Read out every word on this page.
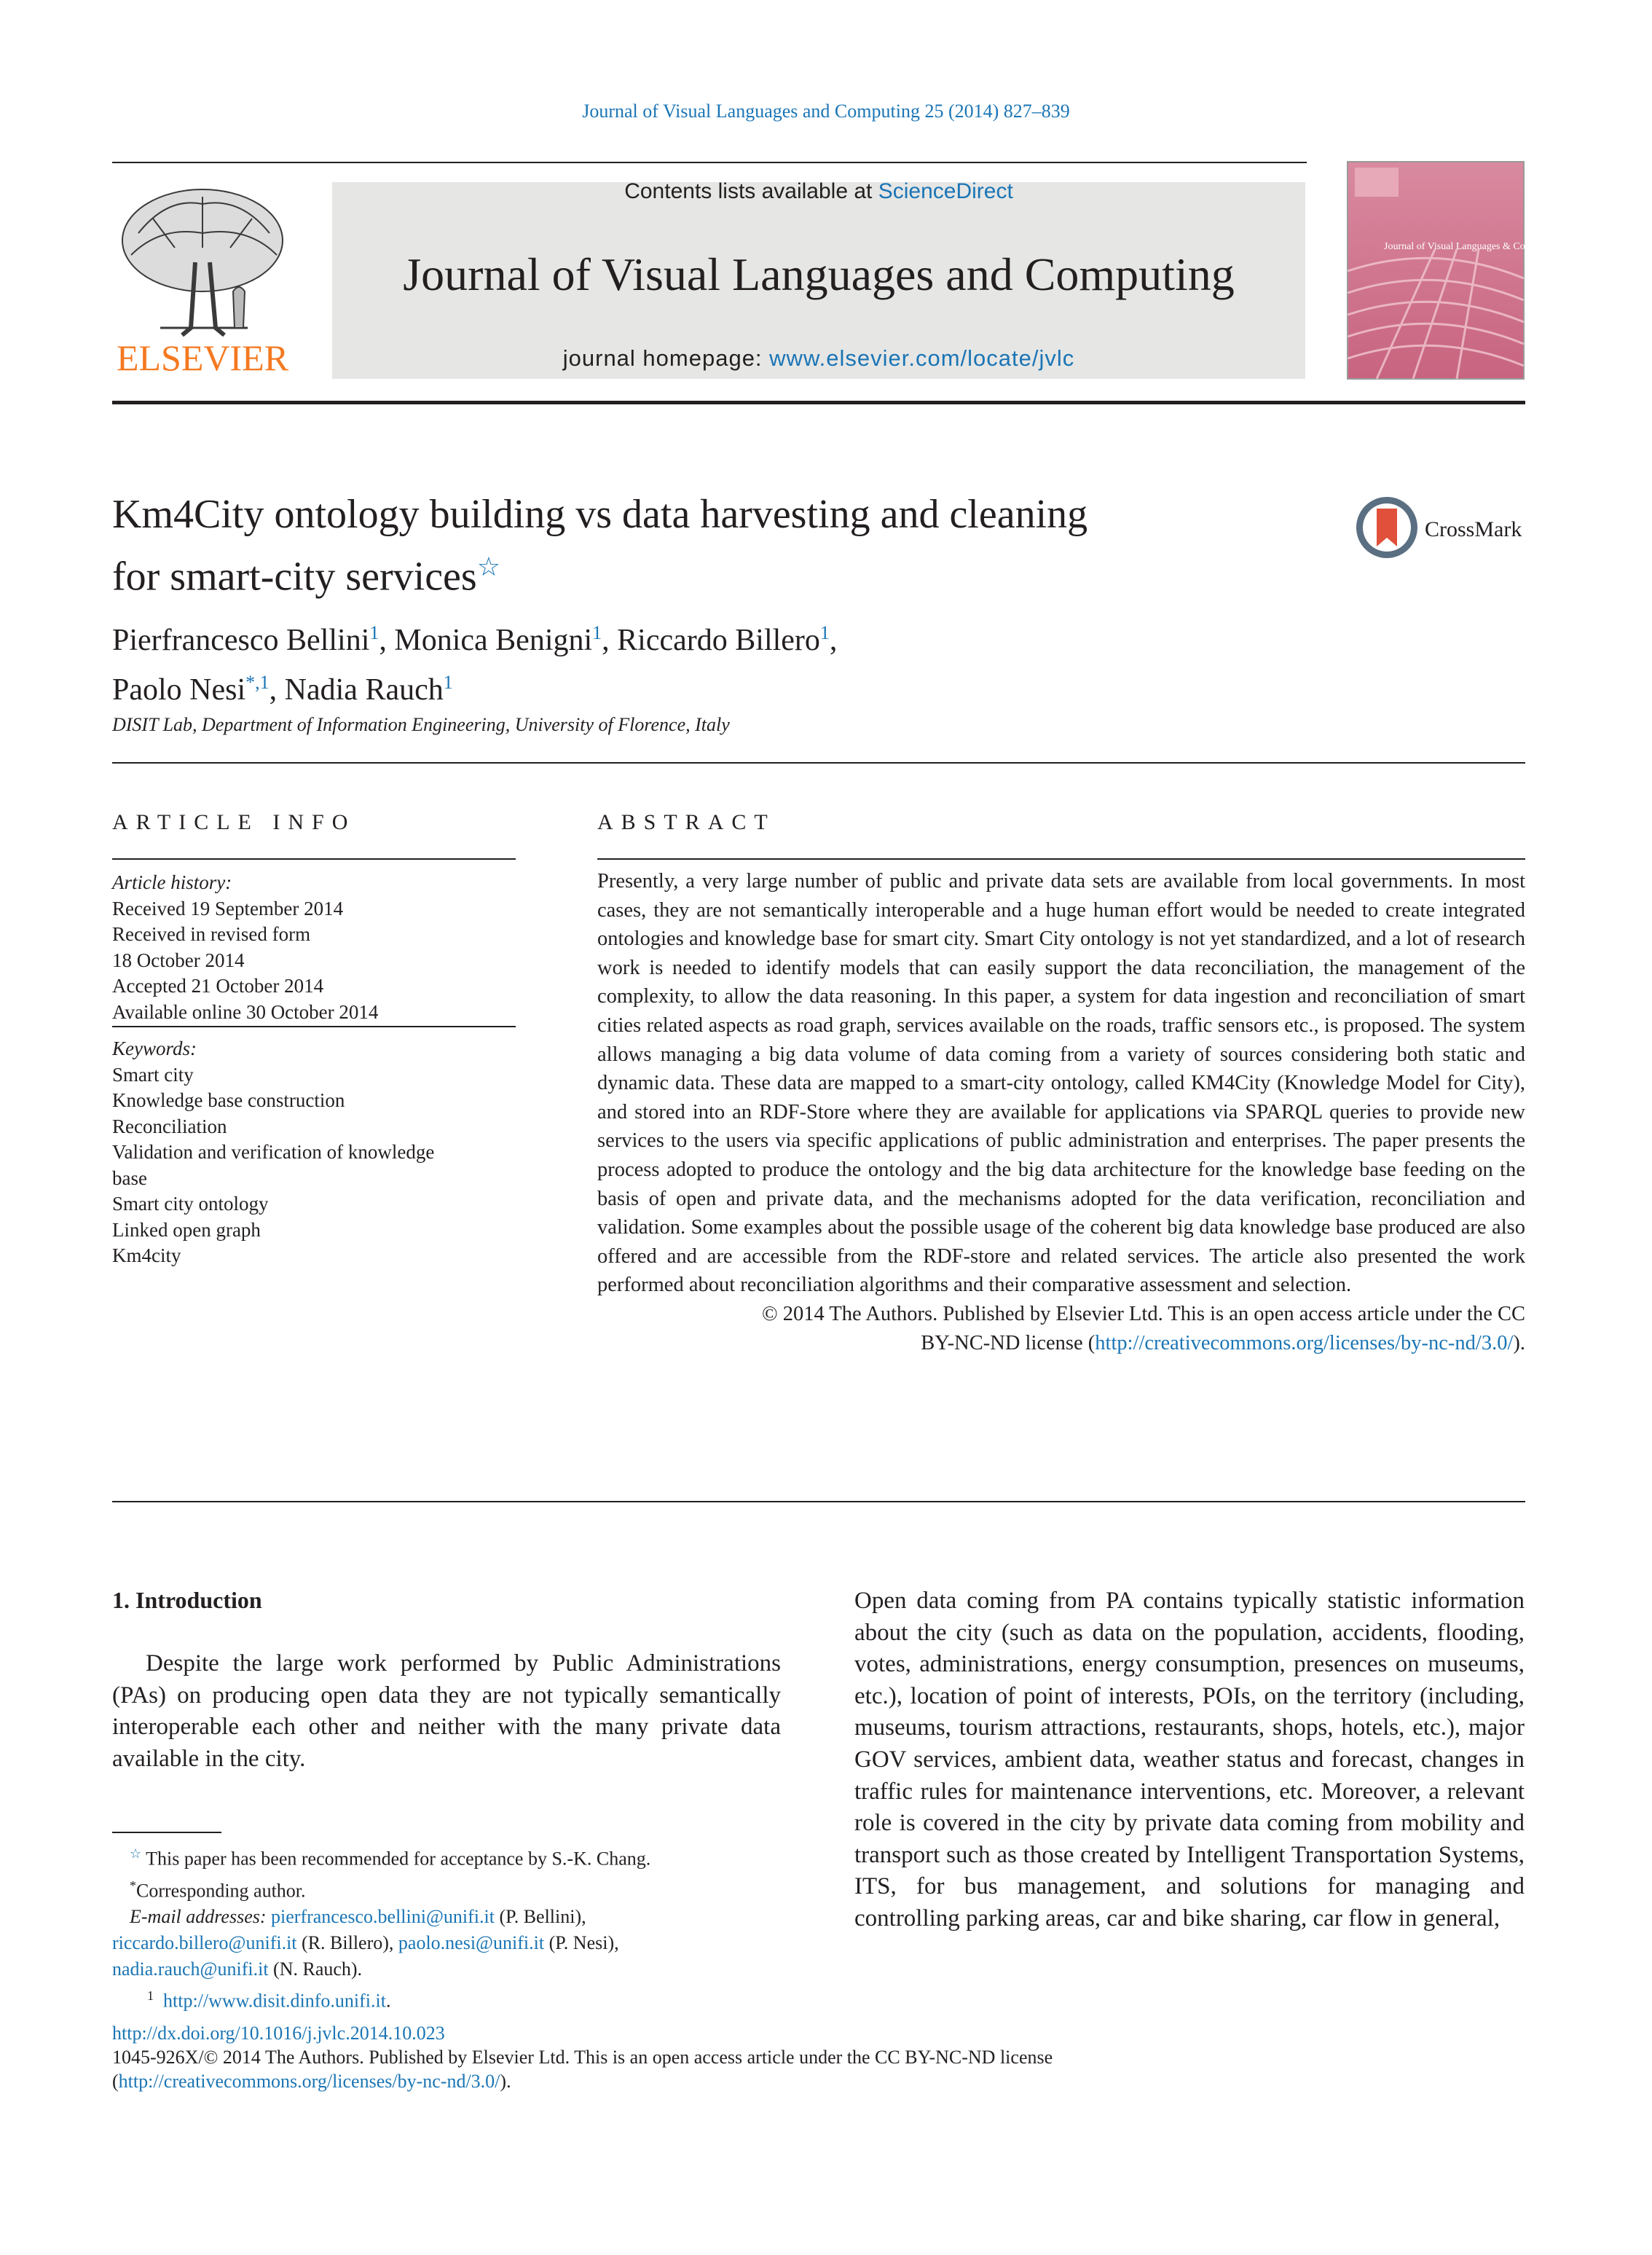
Journal of Visual Languages and Computing 25 (2014) 827–839
ELSEVIER
Contents lists available at ScienceDirect
Journal of Visual Languages and Computing
journal homepage: www.elsevier.com/locate/jvlc
Journal of Visual Languages & Computing
Km4City ontology building vs data harvesting and cleaning
for smart-city services☆
CrossMark
Pierfrancesco Bellini$^1$, Monica Benigni$^1$, Riccardo Billero$^1$,
Paolo Nesi$^{*,1}$, Nadia Rauch$^1$
DISIT Lab, Department of Information Engineering, University of Florence, Italy
ARTICLE INFO
Article history:
Received 19 September 2014
Received in revised form
18 October 2014
Accepted 21 October 2014
Available online 30 October 2014
Keywords:
Smart city
Knowledge base construction
Reconciliation
Validation and verification of knowledge
base
Smart city ontology
Linked open graph
Km4city
ABSTRACT
Presently, a very large number of public and private data sets are available from local governments. In most cases, they are not semantically interoperable and a huge human effort would be needed to create integrated ontologies and knowledge base for smart city. Smart City ontology is not yet standardized, and a lot of research work is needed to identify models that can easily support the data reconciliation, the management of the complexity, to allow the data reasoning. In this paper, a system for data ingestion and reconciliation of smart cities related aspects as road graph, services available on the roads, traffic sensors etc., is proposed. The system allows managing a big data volume of data coming from a variety of sources considering both static and dynamic data. These data are mapped to a smart-city ontology, called KM4City (Knowledge Model for City), and stored into an RDF-Store where they are available for applications via SPARQL queries to provide new services to the users via specific applications of public administration and enterprises. The paper presents the process adopted to produce the ontology and the big data architecture for the knowledge base feeding on the basis of open and private data, and the mechanisms adopted for the data verification, reconciliation and validation. Some examples about the possible usage of the coherent big data knowledge base produced are also offered and are accessible from the RDF-store and related services. The article also presented the work performed about reconciliation algorithms and their comparative assessment and selection.
© 2014 The Authors. Published by Elsevier Ltd. This is an open access article under the CC
BY-NC-ND license (http://creativecommons.org/licenses/by-nc-nd/3.0/).
1. Introduction
Despite the large work performed by Public Administrations (PAs) on producing open data they are not typically semantically interoperable each other and neither with the many private data available in the city.
Open data coming from PA contains typically statistic information about the city (such as data on the population, accidents, flooding, votes, administrations, energy consumption, presences on museums, etc.), location of point of interests, POIs, on the territory (including, museums, tourism attractions, restaurants, shops, hotels, etc.), major GOV services, ambient data, weather status and forecast, changes in traffic rules for maintenance interventions, etc. Moreover, a relevant role is covered in the city by private data coming from mobility and transport such as those created by Intelligent Transportation Systems, ITS, for bus management, and solutions for managing and controlling parking areas, car and bike sharing, car flow in general,
☆ This paper has been recommended for acceptance by S.-K. Chang.
*Corresponding author.
E-mail addresses: pierfrancesco.bellini@unifi.it (P. Bellini),
riccardo.billero@unifi.it (R. Billero), paolo.nesi@unifi.it (P. Nesi),
nadia.rauch@unifi.it (N. Rauch).
$^1$ http://www.disit.dinfo.unifi.it.
http://dx.doi.org/10.1016/j.jvlc.2014.10.023
1045-926X/© 2014 The Authors. Published by Elsevier Ltd. This is an open access article under the CC BY-NC-ND license
(http://creativecommons.org/licenses/by-nc-nd/3.0/).
